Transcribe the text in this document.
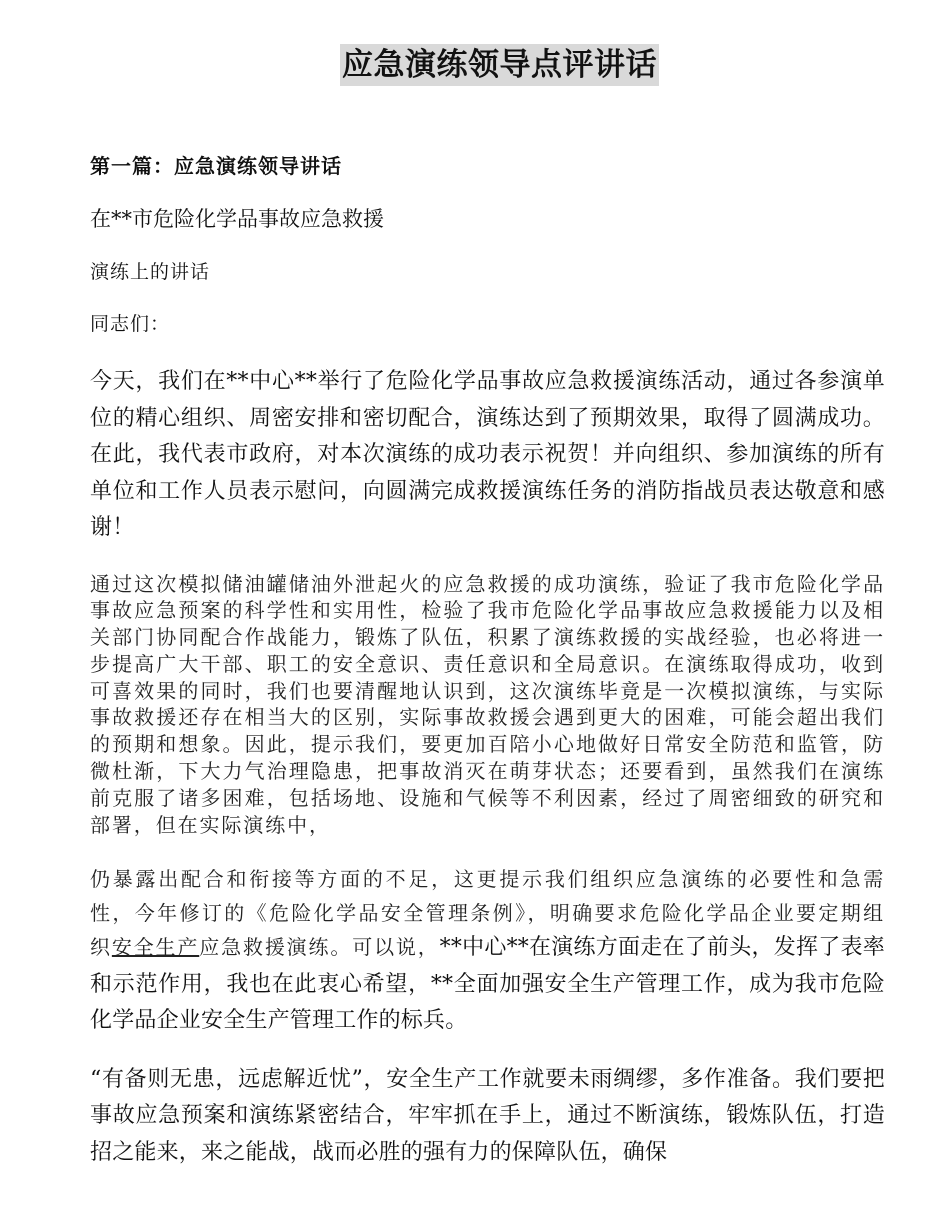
应急演练领导点评讲话
第一篇：应急演练领导讲话
在**市危险化学品事故应急救援
演练上的讲话
同志们：
今天，我们在**中心**举行了危险化学品事故应急救援演练活动，通过各参演单位的精心组织、周密安排和密切配合，演练达到了预期效果，取得了圆满成功。在此，我代表市政府，对本次演练的成功表示祝贺！并向组织、参加演练的所有单位和工作人员表示慰问，向圆满完成救援演练任务的消防指战员表达敬意和感谢！
通过这次模拟储油罐储油外泄起火的应急救援的成功演练，验证了我市危险化学品事故应急预案的科学性和实用性，检验了我市危险化学品事故应急救援能力以及相关部门协同配合作战能力，锻炼了队伍，积累了演练救援的实战经验，也必将进一步提高广大干部、职工的安全意识、责任意识和全局意识。在演练取得成功，收到可喜效果的同时，我们也要清醒地认识到，这次演练毕竟是一次模拟演练，与实际事故救援还存在相当大的区别，实际事故救援会遇到更大的困难，可能会超出我们的预期和想象。因此，提示我们，要更加百陪小心地做好日常安全防范和监管，防微杜渐，下大力气治理隐患，把事故消灭在萌芽状态；还要看到，虽然我们在演练前克服了诸多困难，包括场地、设施和气候等不利因素，经过了周密细致的研究和部署，但在实际演练中，
仍暴露出配合和衔接等方面的不足，这更提示我们组织应急演练的必要性和急需性，今年修订的《危险化学品安全管理条例》，明确要求危险化学品企业要定期组织安全生产应急救援演练。可以说，**中心**在演练方面走在了前头，发挥了表率和示范作用，我也在此衷心希望，**全面加强安全生产管理工作，成为我市危险化学品企业安全生产管理工作的标兵。
“有备则无患，远虑解近忧”，安全生产工作就要未雨绸缪，多作准备。我们要把事故应急预案和演练紧密结合，牢牢抓在手上，通过不断演练，锻炼队伍，打造招之能来，来之能战，战而必胜的强有力的保障队伍，确保
